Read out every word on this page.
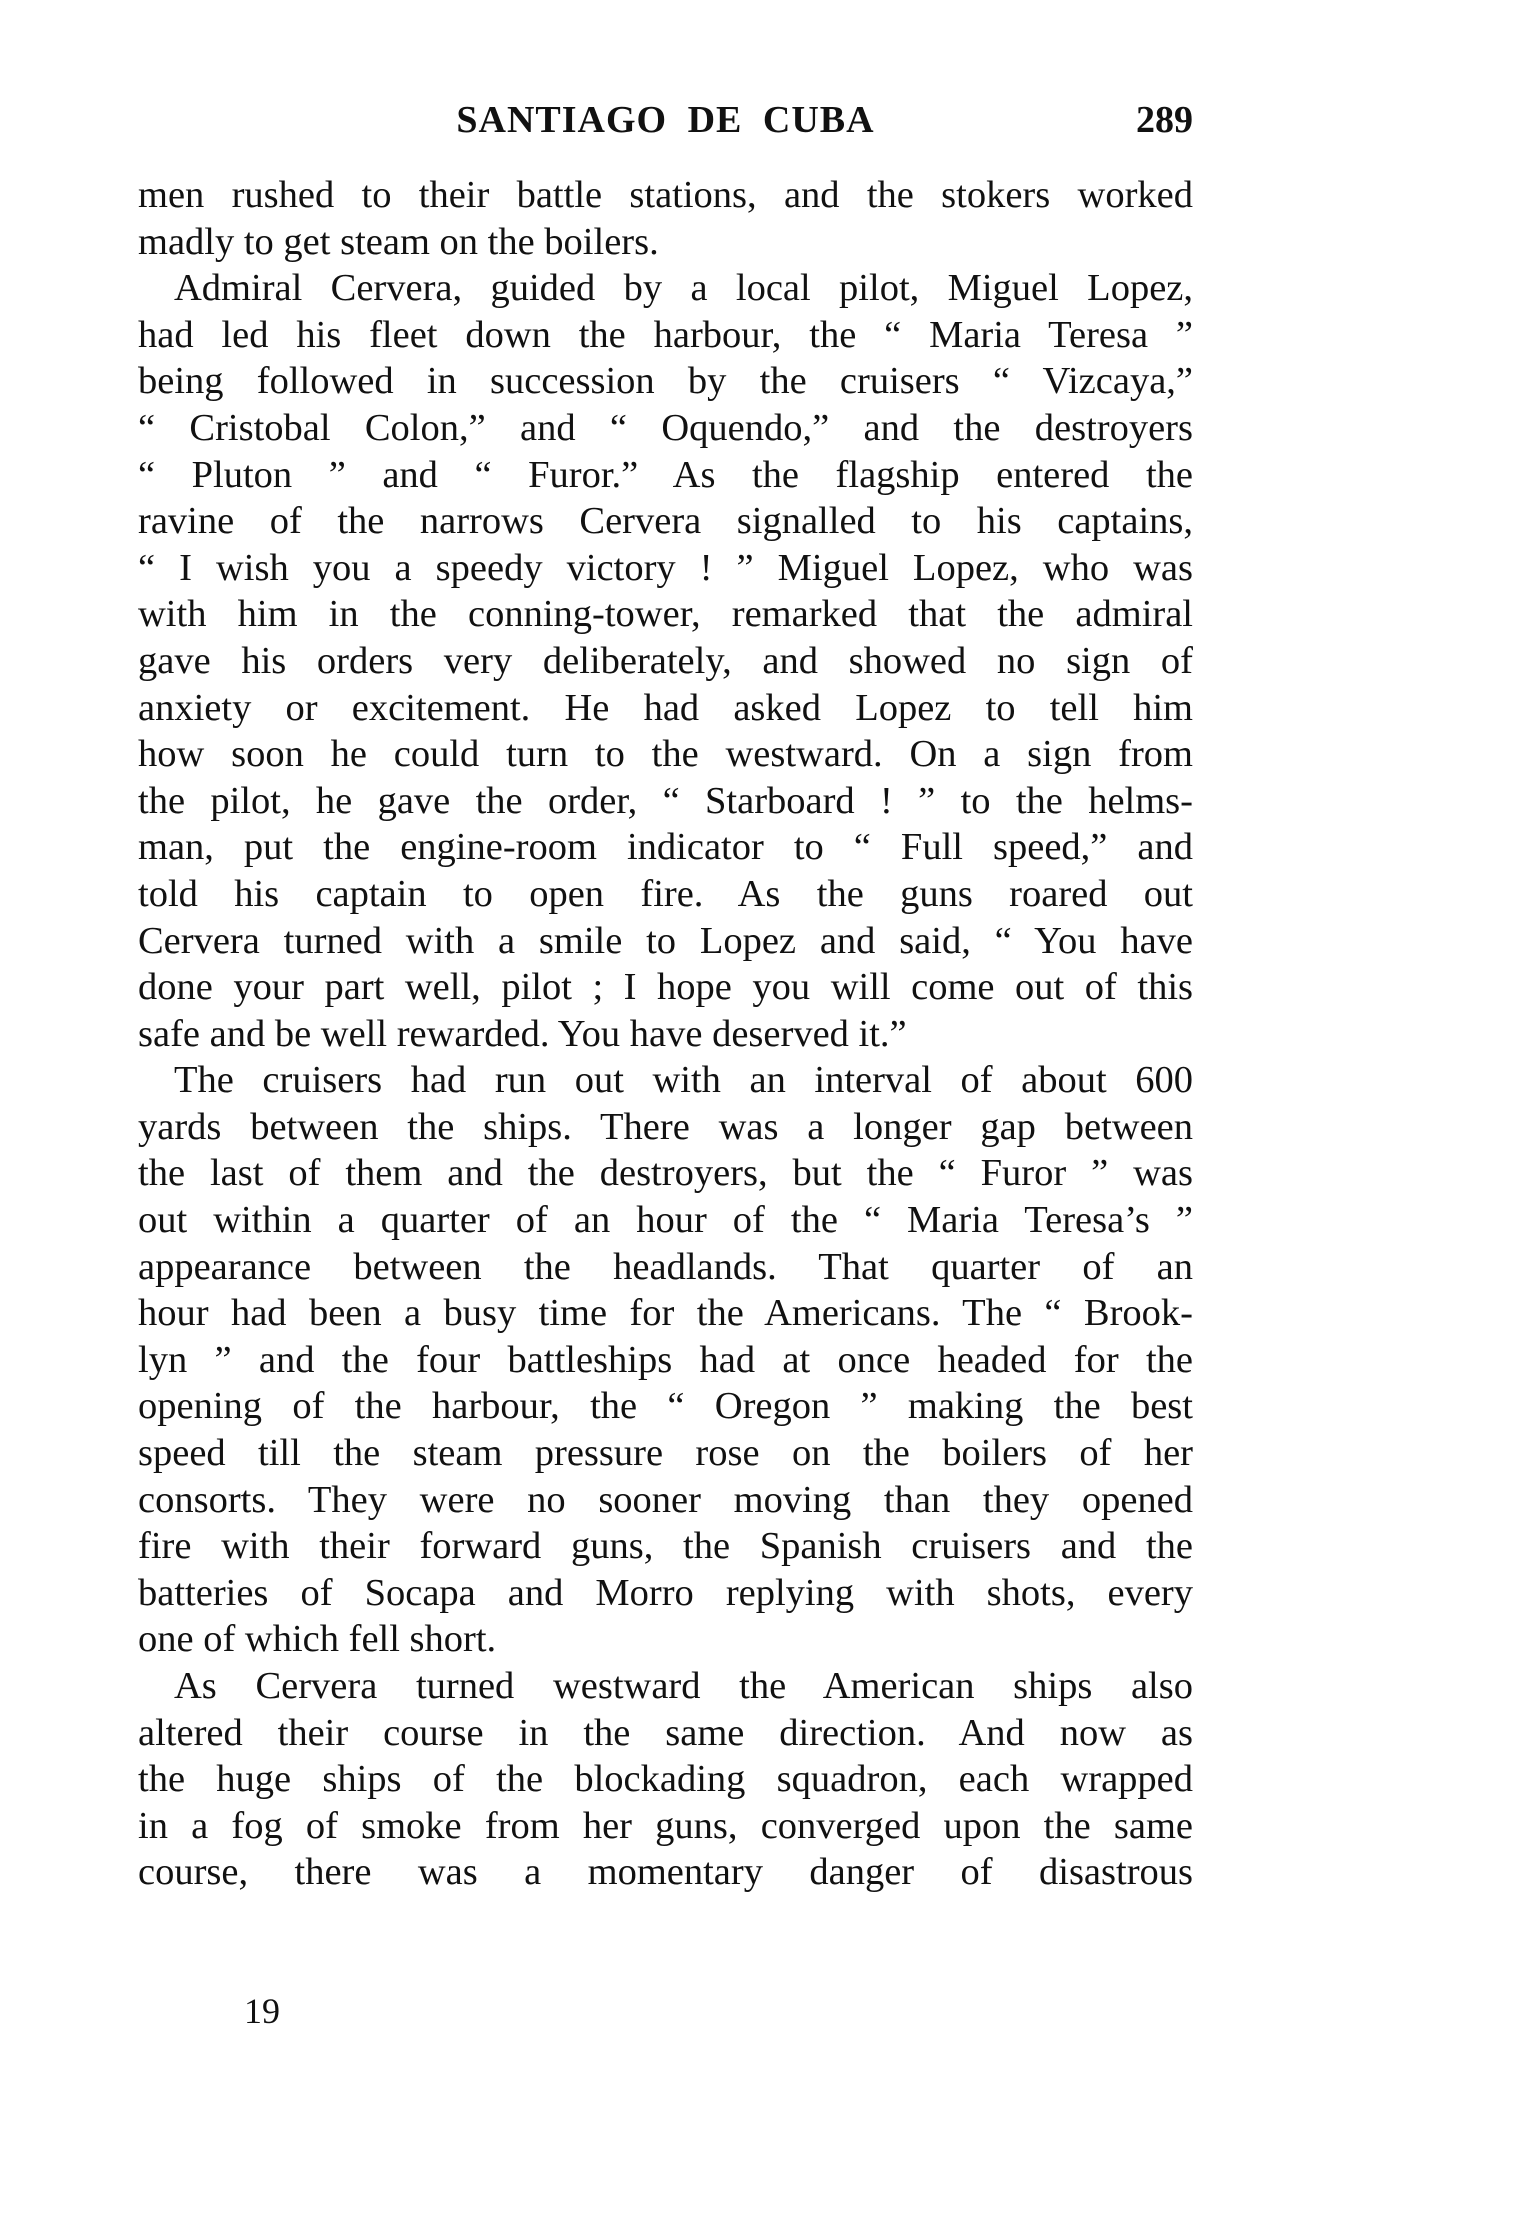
SANTIAGO DE CUBA	289
men rushed to their battle stations, and the stokers worked
madly to get steam on the boilers.
Admiral Cervera, guided by a local pilot, Miguel Lopez,
had led his fleet down the harbour, the “ Maria Teresa ”
being followed in succession by the cruisers “ Vizcaya,”
“ Cristobal Colon,” and “ Oquendo,” and the destroyers
“ Pluton ” and “ Furor.” As the flagship entered the
ravine of the narrows Cervera signalled to his captains,
“ I wish you a speedy victory ! ” Miguel Lopez, who was
with him in the conning-tower, remarked that the admiral
gave his orders very deliberately, and showed no sign of
anxiety or excitement. He had asked Lopez to tell him
how soon he could turn to the westward. On a sign from
the pilot, he gave the order, “ Starboard ! ” to the helms-
man, put the engine-room indicator to “ Full speed,” and
told his captain to open fire. As the guns roared out
Cervera turned with a smile to Lopez and said, “ You have
done your part well, pilot ; I hope you will come out of this
safe and be well rewarded. You have deserved it.”
The cruisers had run out with an interval of about 600
yards between the ships. There was a longer gap between
the last of them and the destroyers, but the “ Furor ” was
out within a quarter of an hour of the “ Maria Teresa’s ”
appearance between the headlands. That quarter of an
hour had been a busy time for the Americans. The “ Brook-
lyn ” and the four battleships had at once headed for the
opening of the harbour, the “ Oregon ” making the best
speed till the steam pressure rose on the boilers of her
consorts. They were no sooner moving than they opened
fire with their forward guns, the Spanish cruisers and the
batteries of Socapa and Morro replying with shots, every
one of which fell short.
As Cervera turned westward the American ships also
altered their course in the same direction. And now as
the huge ships of the blockading squadron, each wrapped
in a fog of smoke from her guns, converged upon the same
course, there was a momentary danger of disastrous
19
